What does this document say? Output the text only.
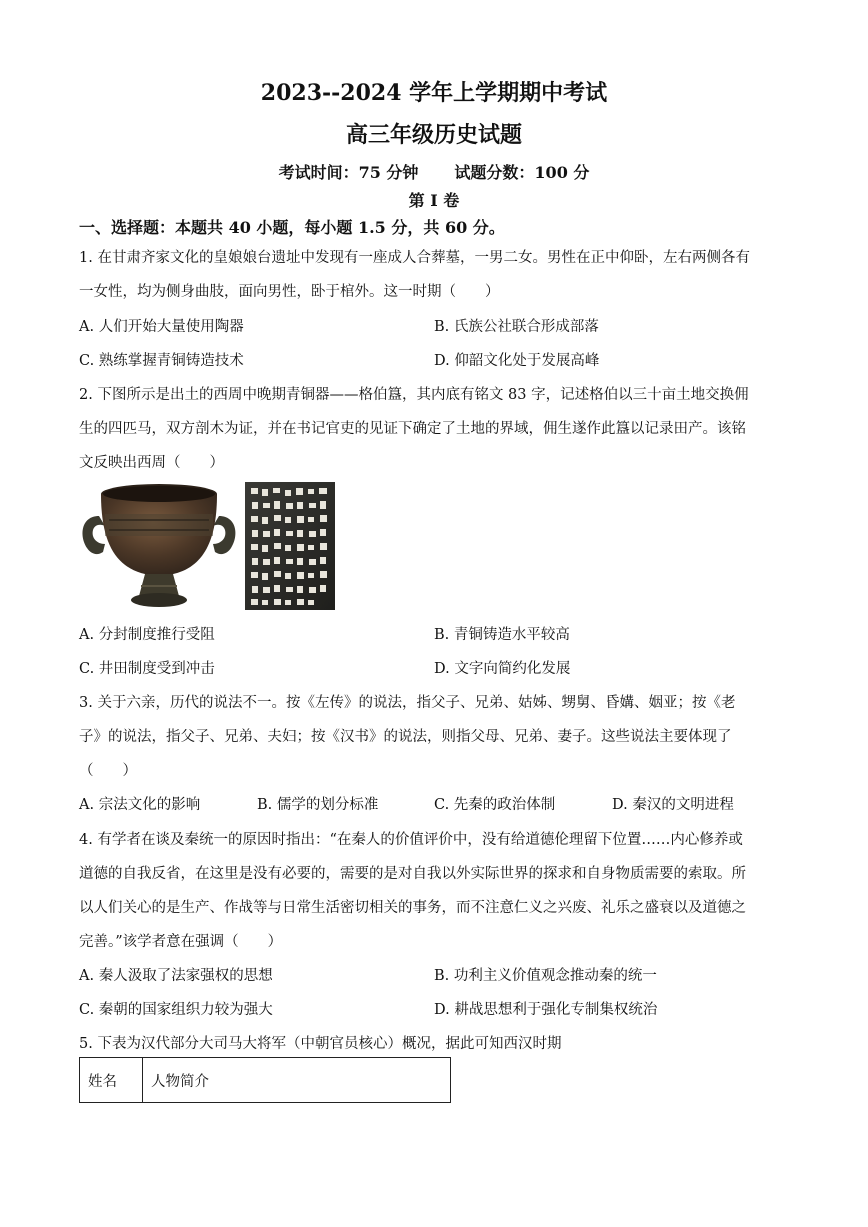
2023--2024 学年上学期期中考试
高三年级历史试题
考试时间：75 分钟 试题分数：100 分
第 I 卷
一、选择题：本题共 40 小题，每小题 1.5 分，共 60 分。
1. 在甘肃齐家文化的皇娘娘台遗址中发现有一座成人合葬墓，一男二女。男性在正中仰卧，左右两侧各有
一女性，均为侧身曲肢，面向男性，卧于棺外。这一时期（　　）
A. 人们开始大量使用陶器	B. 氏族公社联合形成部落
C. 熟练掌握青铜铸造技术	D. 仰韶文化处于发展高峰
2. 下图所示是出土的西周中晚期青铜器——格伯簋，其内底有铭文 83 字，记述格伯以三十亩土地交换佣
生的四匹马，双方剖木为证，并在书记官吏的见证下确定了土地的界域，佣生遂作此簋以记录田产。该铭
文反映出西周（　　）
A. 分封制度推行受阻	B. 青铜铸造水平较高
C. 井田制度受到冲击	D. 文字向简约化发展
3. 关于六亲，历代的说法不一。按《左传》的说法，指父子、兄弟、姑姊、甥舅、昏媾、姻亚；按《老
子》的说法，指父子、兄弟、夫妇；按《汉书》的说法，则指父母、兄弟、妻子。这些说法主要体现了
（　　）
A. 宗法文化的影响	B. 儒学的划分标准	C. 先秦的政治体制	D. 秦汉的文明进程
4. 有学者在谈及秦统一的原因时指出：“在秦人的价值评价中，没有给道德伦理留下位置……内心修养或
道德的自我反省，在这里是没有必要的，需要的是对自我以外实际世界的探求和自身物质需要的索取。所
以人们关心的是生产、作战等与日常生活密切相关的事务，而不注意仁义之兴废、礼乐之盛衰以及道德之
完善。”该学者意在强调（　　）
A. 秦人汲取了法家强权的思想	B. 功利主义价值观念推动秦的统一
C. 秦朝的国家组织力较为强大	D. 耕战思想利于强化专制集权统治
5. 下表为汉代部分大司马大将军（中朝官员核心）概况，据此可知西汉时期
姓名	人物简介
